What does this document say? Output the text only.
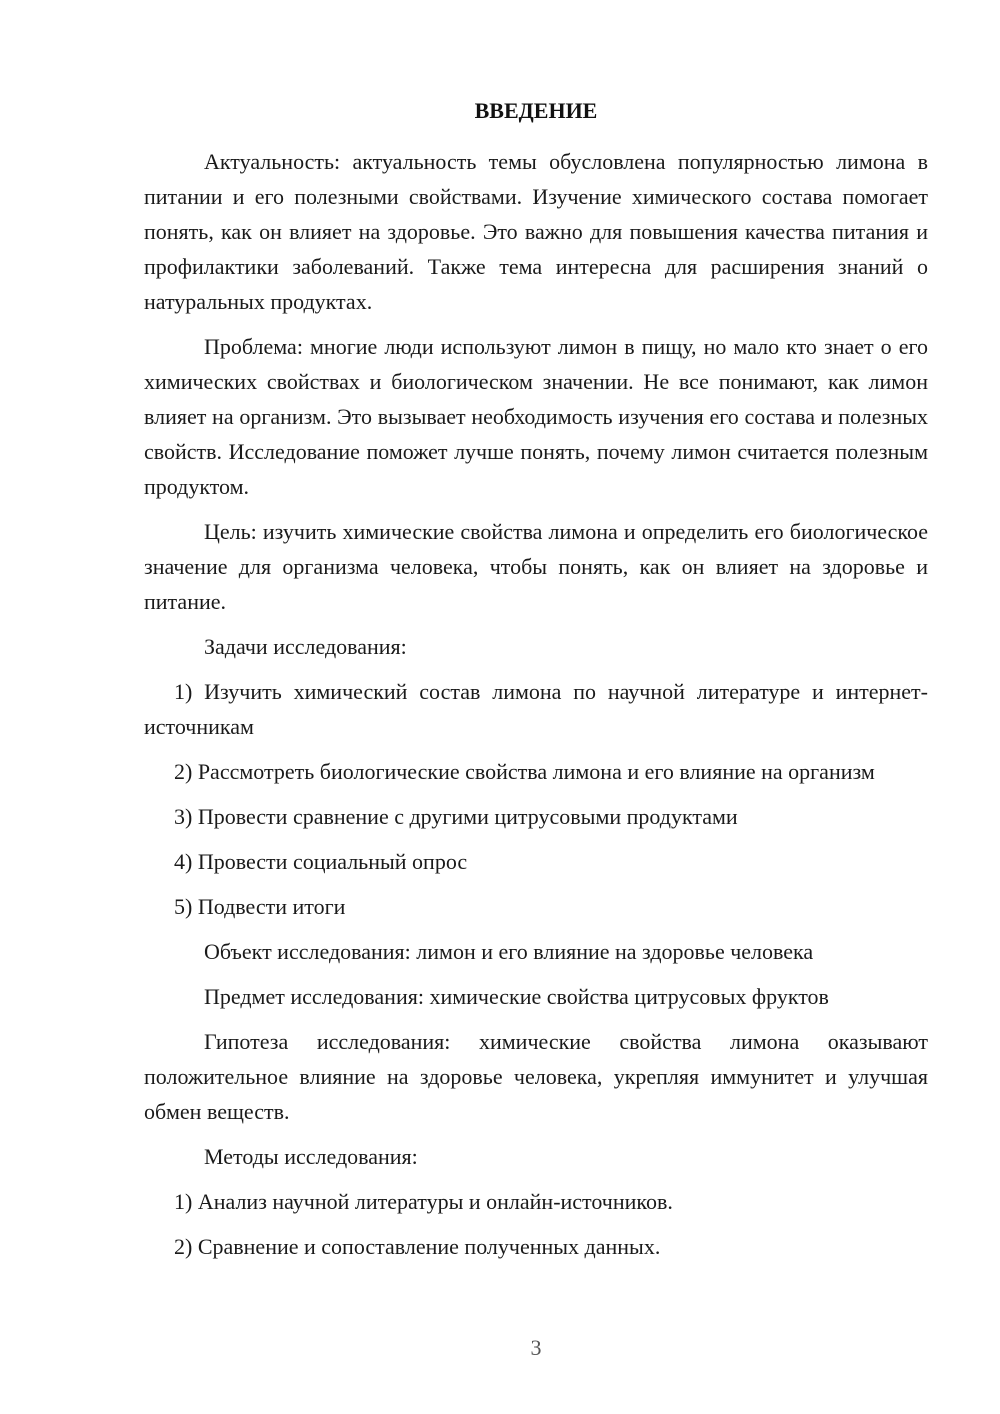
ВВЕДЕНИЕ

Актуальность: актуальность темы обусловлена популярностью лимона в питании и его полезными свойствами. Изучение химического состава помогает понять, как он влияет на здоровье. Это важно для повышения качества питания и профилактики заболеваний. Также тема интересна для расширения знаний о натуральных продуктах.

Проблема: многие люди используют лимон в пищу, но мало кто знает о его химических свойствах и биологическом значении. Не все понимают, как лимон влияет на организм. Это вызывает необходимость изучения его состава и полезных свойств. Исследование поможет лучше понять, почему лимон считается полезным продуктом.

Цель: изучить химические свойства лимона и определить его биологическое значение для организма человека, чтобы понять, как он влияет на здоровье и питание.

Задачи исследования:

1) Изучить химический состав лимона по научной литературе и интернет-источникам

2) Рассмотреть биологические свойства лимона и его влияние на организм

3) Провести сравнение с другими цитрусовыми продуктами

4) Провести социальный опрос

5) Подвести итоги

Объект исследования: лимон и его влияние на здоровье человека

Предмет исследования: химические свойства цитрусовых фруктов

Гипотеза исследования: химические свойства лимона оказывают положительное влияние на здоровье человека, укрепляя иммунитет и улучшая обмен веществ.

Методы исследования:

1) Анализ научной литературы и онлайн-источников.

2) Сравнение и сопоставление полученных данных.

3
